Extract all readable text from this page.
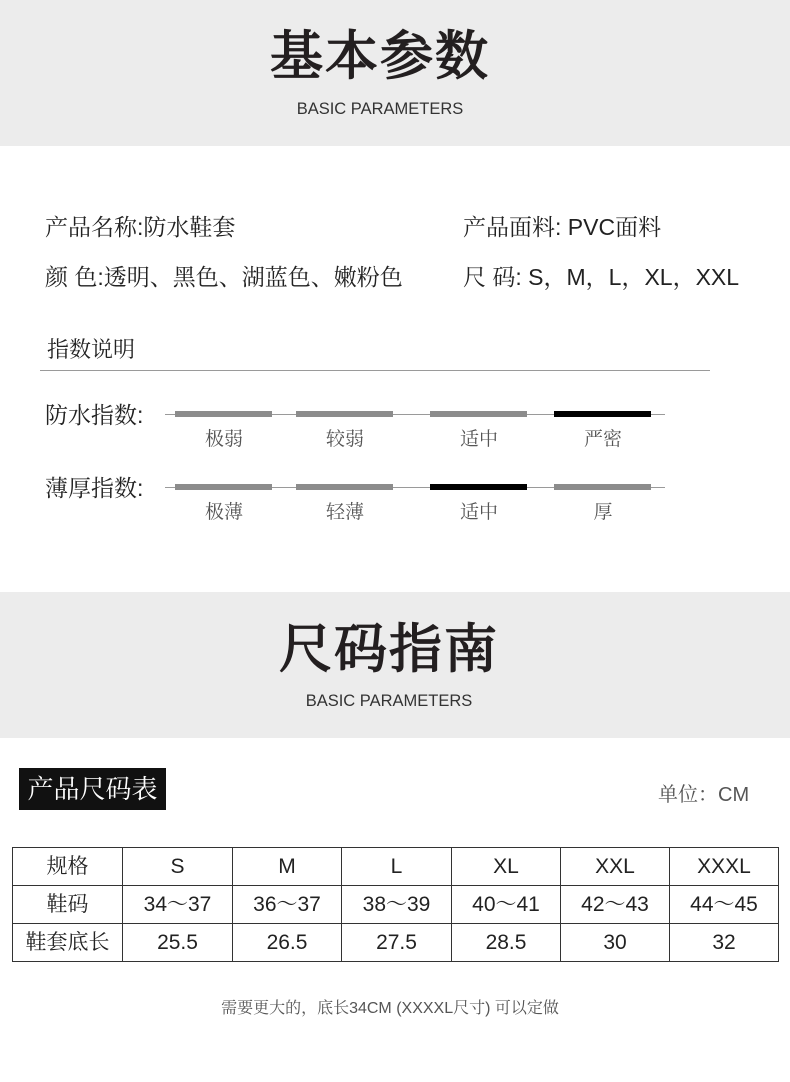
基本参数
BASIC PARAMETERS
产品名称:防水鞋套	产品面料: PVC面料
颜 色:透明、黑色、湖蓝色、嫩粉色	尺 码: S，M，L，XL，XXL
指数说明
防水指数:
极弱	较弱	适中	严密
薄厚指数:
极薄	轻薄	适中	厚
尺码指南
BASIC PARAMETERS
产品尺码表	单位：CM
规格	S	M	L	XL	XXL	XXXL
鞋码	34～37	36～37	38～39	40～41	42～43	44～45
鞋套底长	25.5	26.5	27.5	28.5	30	32
需要更大的，底长34CM (XXXXL尺寸) 可以定做
